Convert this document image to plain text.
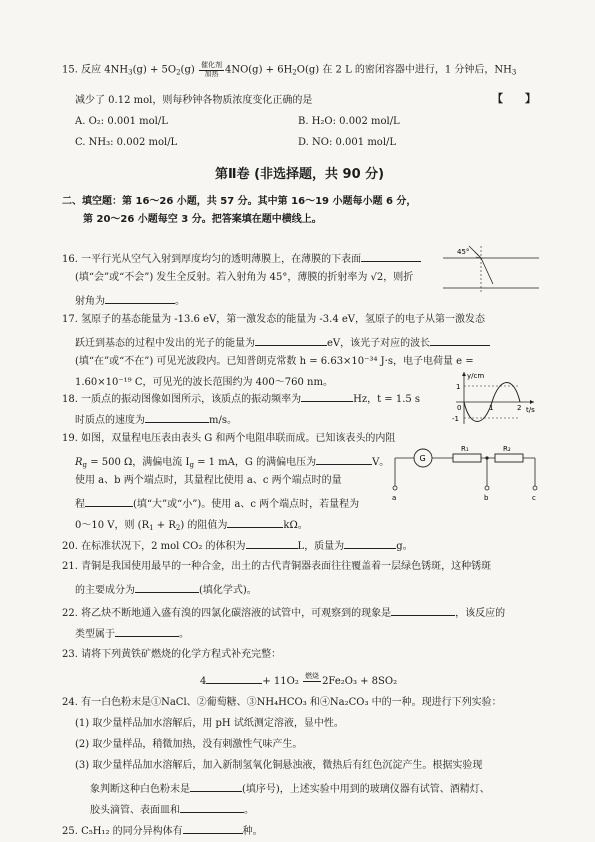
15. 反应 $4NH_3(g) + 5O_2(g) \frac{\text{催化剂}}{\text{加热}} 4NO(g) + 6H_2O(g)$ 在 2 L 的密闭容器中进行，1 分钟后，$NH_3$
减少了 0.12 mol，则每秒钟各物质浓度变化正确的是	【　　】
A. O₂: 0.001 mol/L	B. H₂O: 0.002 mol/L
C. NH₃: 0.002 mol/L	D. NO: 0.001 mol/L
第Ⅱ卷 (非选择题，共 90 分)
二、填空题：第 16～26 小题，共 57 分。其中第 16～19 小题每小题 6 分，
第 20～26 小题每空 3 分。把答案填在题中横线上。
16. 一平行光从空气入射到厚度均匀的透明薄膜上，在薄膜的下表面
(填“会”或“不会”) 发生全反射。若入射角为 45°，薄膜的折射率为 √2，则折
射角为	。
45°
17. 氢原子的基态能量为 -13.6 eV，第一激发态的能量为 -3.4 eV，氢原子的电子从第一激发态
跃迁到基态的过程中发出的光子的能量为	eV，该光子对应的波长
(填“在”或“不在”) 可见光波段内。已知普朗克常数 h = 6.63×10⁻³⁴ J·s，电子电荷量 e =
1.60×10⁻¹⁹ C，可见光的波长范围约为 400～760 nm。
18. 一质点的振动图像如图所示，该质点的振动频率为	Hz，t = 1.5 s
时质点的速度为	m/s。
y/cm
t/s
1
-1
0	1	2
19. 如图，双量程电压表由表头 G 和两个电阻串联而成。已知该表头的内阻
$R_g = 500$ Ω，满偏电流 $I_g = 1$ mA，G 的满偏电压为	V。
使用 a、b 两个端点时，其量程比使用 a、c 两个端点时的量
程	(填“大”或“小”)。使用 a、c 两个端点时，若量程为
0～10 V，则 $(R_1 + R_2)$ 的阻值为	kΩ。
G
R₁	R₂
a	b	c
20. 在标准状况下，2 mol CO₂ 的体积为	L，质量为	g。
21. 青铜是我国使用最早的一种合金，出土的古代青铜器表面往往覆盖着一层绿色锈斑，这种锈斑
的主要成分为	(填化学式)。
22. 将乙炔不断地通入盛有溴的四氯化碳溶液的试管中，可观察到的现象是	，该反应的
类型属于	。
23. 请将下列黄铁矿燃烧的化学方程式补充完整：
4	+ 11O₂ 燃烧
2Fe₂O₃ + 8SO₂
24. 有一白色粉末是①NaCl、②葡萄糖、③NH₄HCO₃ 和④Na₂CO₃ 中的一种。现进行下列实验：
(1) 取少量样品加水溶解后，用 pH 试纸测定溶液，显中性。
(2) 取少量样品，稍微加热，没有刺激性气味产生。
(3) 取少量样品加水溶解后，加入新制氢氧化铜悬浊液，微热后有红色沉淀产生。根据实验现
象判断这种白色粉末是	(填序号)，上述实验中用到的玻璃仪器有试管、酒精灯、
胶头滴管、表面皿和	。
25. C₅H₁₂ 的同分异构体有	种。
